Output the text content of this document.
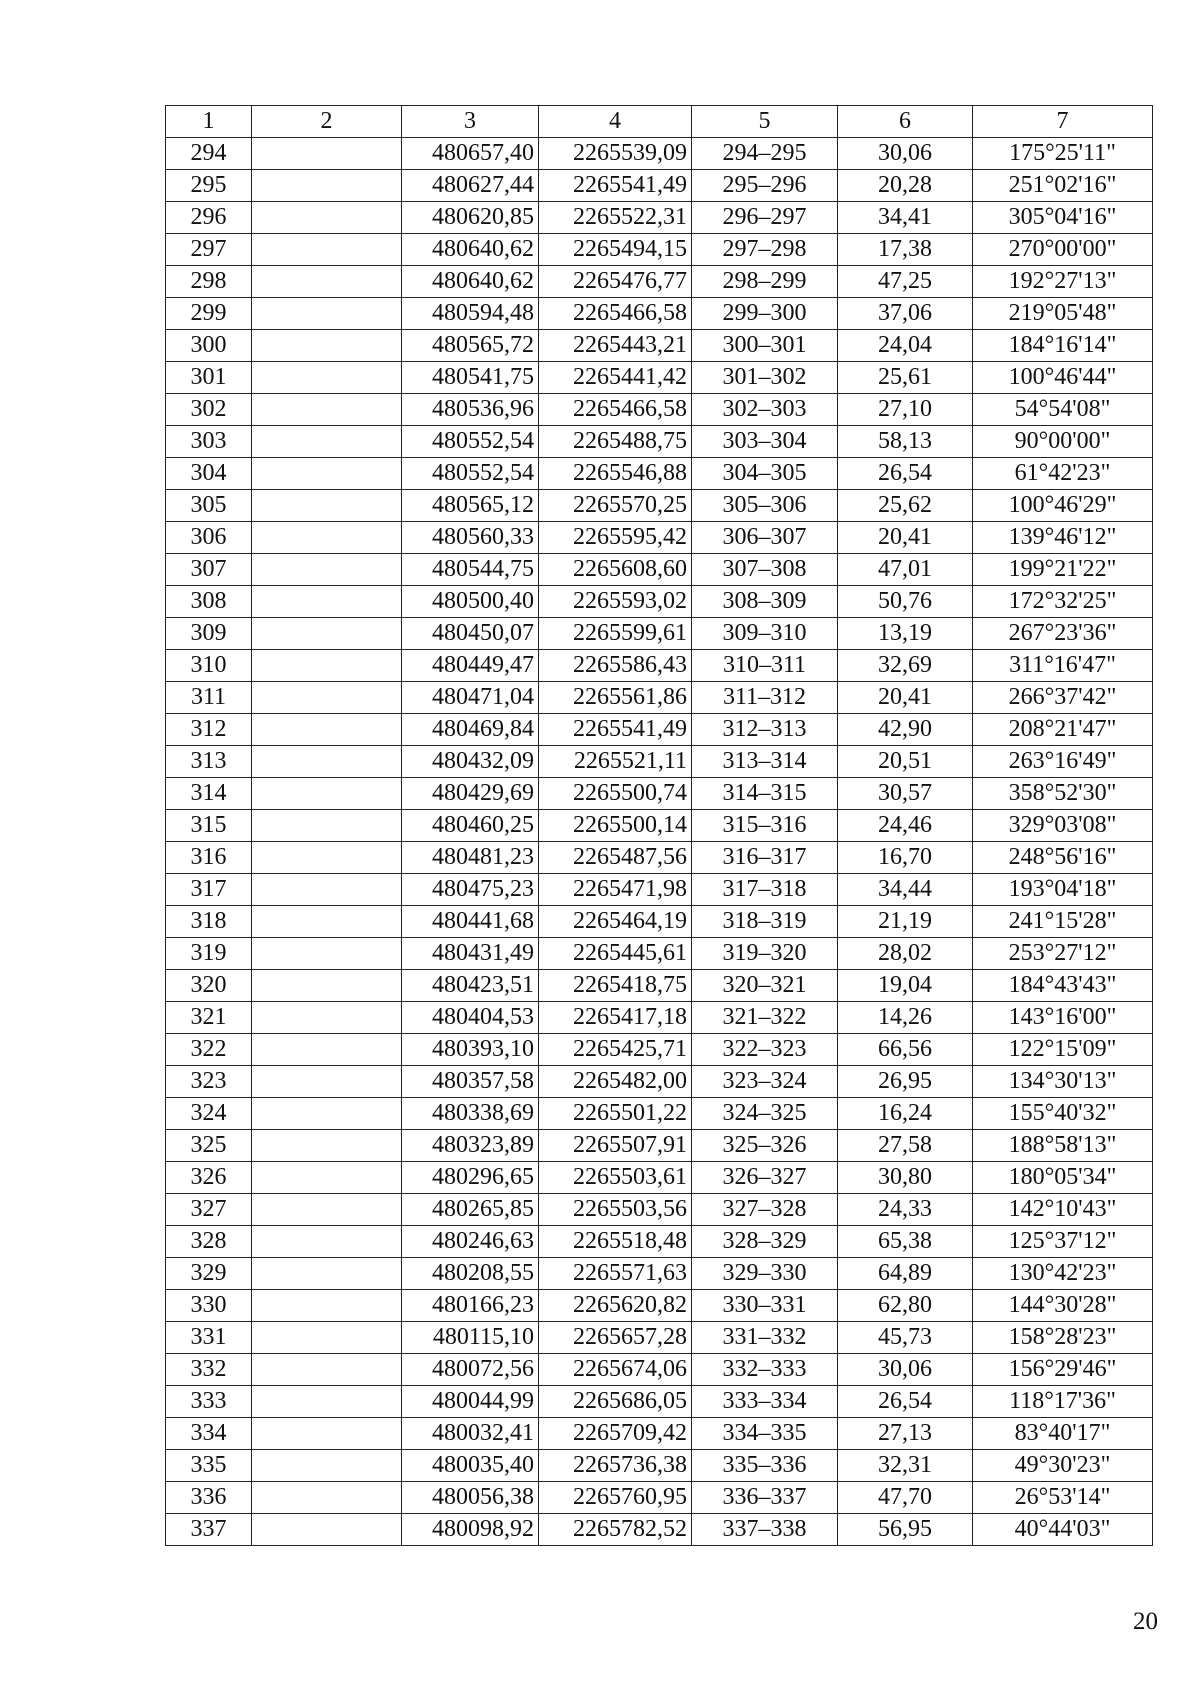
1	2	3	4	5	6	7
294		480657,40	2265539,09	294–295	30,06	175°25'11"
295		480627,44	2265541,49	295–296	20,28	251°02'16"
296		480620,85	2265522,31	296–297	34,41	305°04'16"
297		480640,62	2265494,15	297–298	17,38	270°00'00"
298		480640,62	2265476,77	298–299	47,25	192°27'13"
299		480594,48	2265466,58	299–300	37,06	219°05'48"
300		480565,72	2265443,21	300–301	24,04	184°16'14"
301		480541,75	2265441,42	301–302	25,61	100°46'44"
302		480536,96	2265466,58	302–303	27,10	54°54'08"
303		480552,54	2265488,75	303–304	58,13	90°00'00"
304		480552,54	2265546,88	304–305	26,54	61°42'23"
305		480565,12	2265570,25	305–306	25,62	100°46'29"
306		480560,33	2265595,42	306–307	20,41	139°46'12"
307		480544,75	2265608,60	307–308	47,01	199°21'22"
308		480500,40	2265593,02	308–309	50,76	172°32'25"
309		480450,07	2265599,61	309–310	13,19	267°23'36"
310		480449,47	2265586,43	310–311	32,69	311°16'47"
311		480471,04	2265561,86	311–312	20,41	266°37'42"
312		480469,84	2265541,49	312–313	42,90	208°21'47"
313		480432,09	2265521,11	313–314	20,51	263°16'49"
314		480429,69	2265500,74	314–315	30,57	358°52'30"
315		480460,25	2265500,14	315–316	24,46	329°03'08"
316		480481,23	2265487,56	316–317	16,70	248°56'16"
317		480475,23	2265471,98	317–318	34,44	193°04'18"
318		480441,68	2265464,19	318–319	21,19	241°15'28"
319		480431,49	2265445,61	319–320	28,02	253°27'12"
320		480423,51	2265418,75	320–321	19,04	184°43'43"
321		480404,53	2265417,18	321–322	14,26	143°16'00"
322		480393,10	2265425,71	322–323	66,56	122°15'09"
323		480357,58	2265482,00	323–324	26,95	134°30'13"
324		480338,69	2265501,22	324–325	16,24	155°40'32"
325		480323,89	2265507,91	325–326	27,58	188°58'13"
326		480296,65	2265503,61	326–327	30,80	180°05'34"
327		480265,85	2265503,56	327–328	24,33	142°10'43"
328		480246,63	2265518,48	328–329	65,38	125°37'12"
329		480208,55	2265571,63	329–330	64,89	130°42'23"
330		480166,23	2265620,82	330–331	62,80	144°30'28"
331		480115,10	2265657,28	331–332	45,73	158°28'23"
332		480072,56	2265674,06	332–333	30,06	156°29'46"
333		480044,99	2265686,05	333–334	26,54	118°17'36"
334		480032,41	2265709,42	334–335	27,13	83°40'17"
335		480035,40	2265736,38	335–336	32,31	49°30'23"
336		480056,38	2265760,95	336–337	47,70	26°53'14"
337		480098,92	2265782,52	337–338	56,95	40°44'03"
20
